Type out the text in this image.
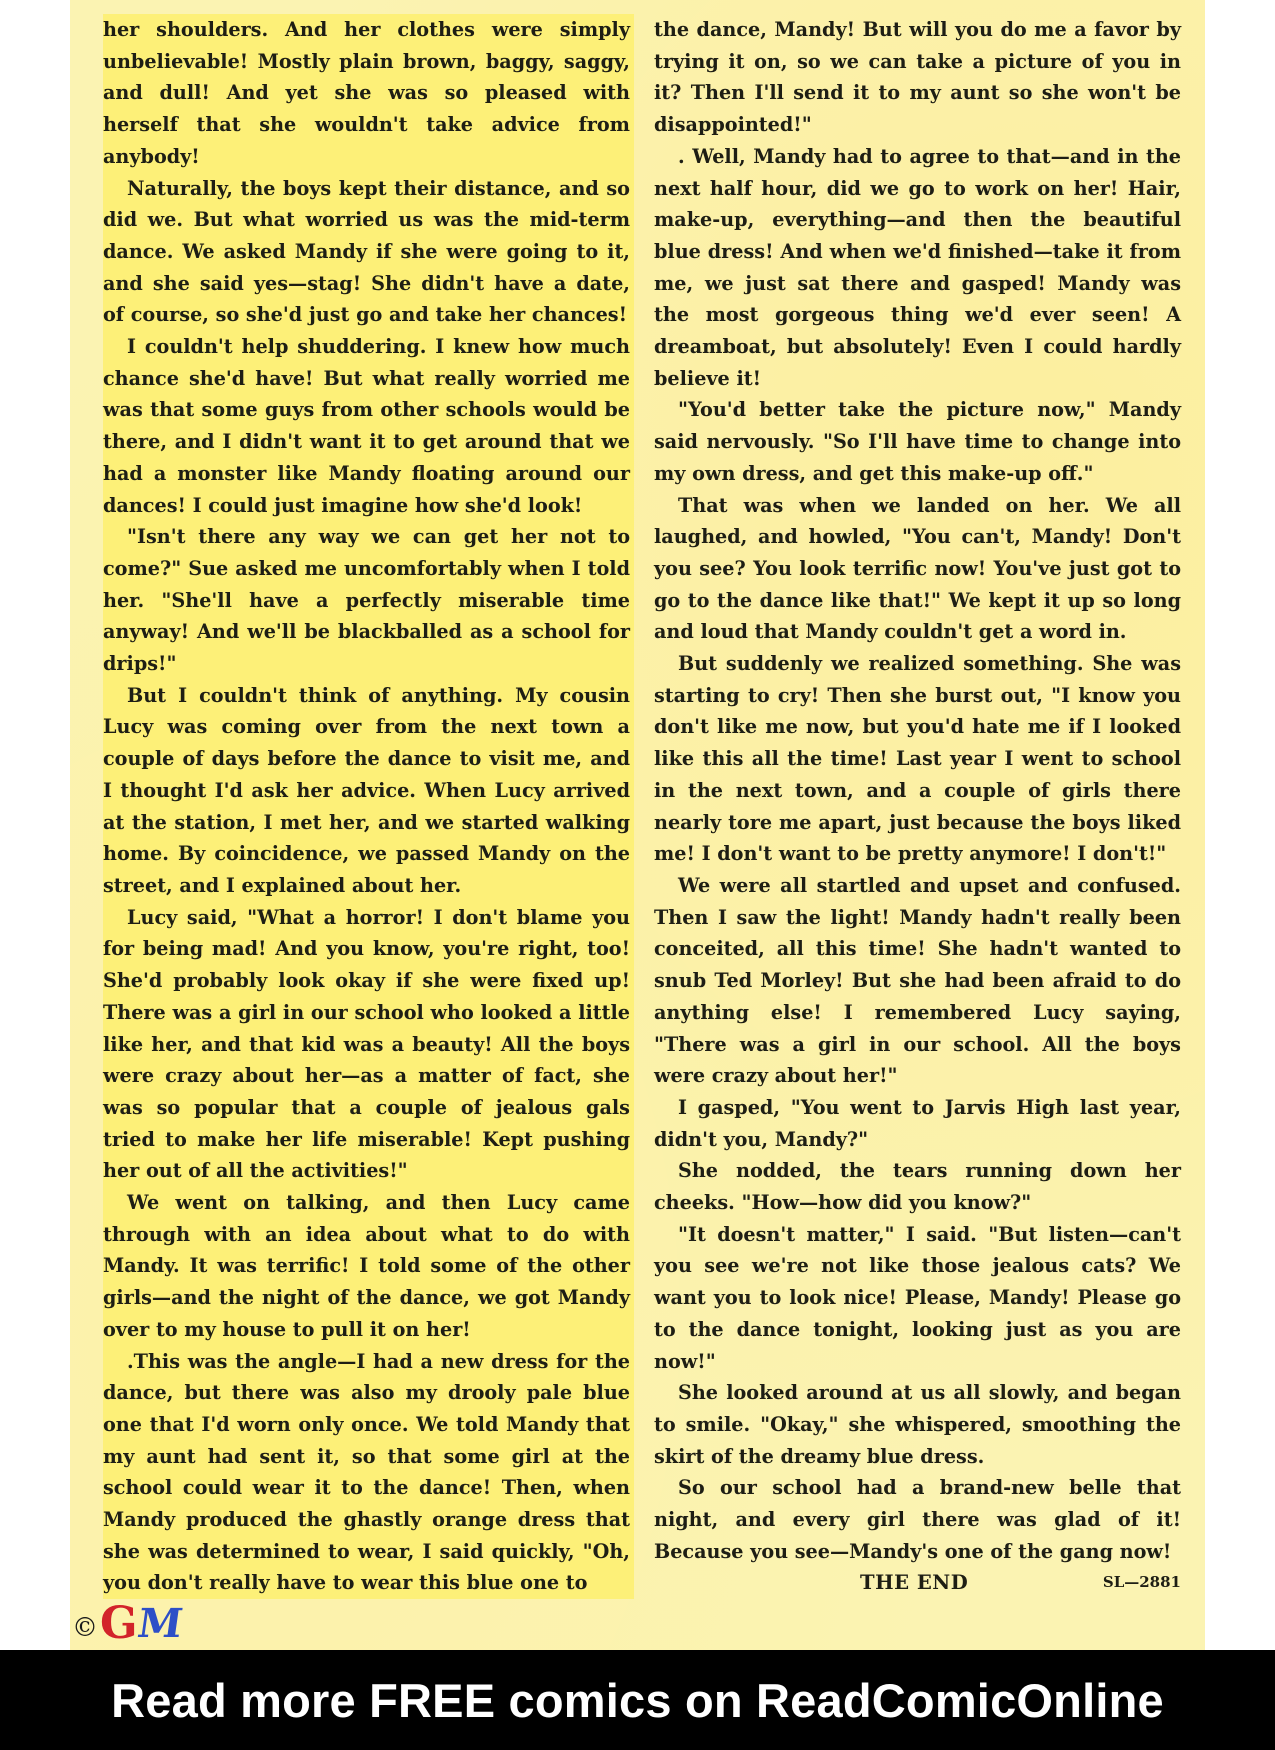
her shoulders. And her clothes were simply unbelievable! Mostly plain brown, baggy, saggy, and dull! And yet she was so pleased with herself that she wouldn't take advice from anybody!

Naturally, the boys kept their distance, and so did we. But what worried us was the mid-term dance. We asked Mandy if she were going to it, and she said yes—stag! She didn't have a date, of course, so she'd just go and take her chances!

I couldn't help shuddering. I knew how much chance she'd have! But what really worried me was that some guys from other schools would be there, and I didn't want it to get around that we had a monster like Mandy floating around our dances! I could just imagine how she'd look!

"Isn't there any way we can get her not to come?" Sue asked me uncomfortably when I told her. "She'll have a perfectly miserable time anyway! And we'll be blackballed as a school for drips!"

But I couldn't think of anything. My cousin Lucy was coming over from the next town a couple of days before the dance to visit me, and I thought I'd ask her advice. When Lucy arrived at the station, I met her, and we started walking home. By coincidence, we passed Mandy on the street, and I explained about her.

Lucy said, "What a horror! I don't blame you for being mad! And you know, you're right, too! She'd probably look okay if she were fixed up! There was a girl in our school who looked a little like her, and that kid was a beauty! All the boys were crazy about her—as a matter of fact, she was so popular that a couple of jealous gals tried to make her life miserable! Kept pushing her out of all the activities!"

We went on talking, and then Lucy came through with an idea about what to do with Mandy. It was terrific! I told some of the other girls—and the night of the dance, we got Mandy over to my house to pull it on her!

.This was the angle—I had a new dress for the dance, but there was also my drooly pale blue one that I'd worn only once. We told Mandy that my aunt had sent it, so that some girl at the school could wear it to the dance! Then, when Mandy produced the ghastly orange dress that she was determined to wear, I said quickly, "Oh, you don't really have to wear this blue one to

the dance, Mandy! But will you do me a favor by trying it on, so we can take a picture of you in it? Then I'll send it to my aunt so she won't be disappointed!"

. Well, Mandy had to agree to that—and in the next half hour, did we go to work on her! Hair, make-up, everything—and then the beautiful blue dress! And when we'd finished—take it from me, we just sat there and gasped! Mandy was the most gorgeous thing we'd ever seen! A dreamboat, but absolutely! Even I could hardly believe it!

"You'd better take the picture now," Mandy said nervously. "So I'll have time to change into my own dress, and get this make-up off."

That was when we landed on her. We all laughed, and howled, "You can't, Mandy! Don't you see? You look terrific now! You've just got to go to the dance like that!" We kept it up so long and loud that Mandy couldn't get a word in.

But suddenly we realized something. She was starting to cry! Then she burst out, "I know you don't like me now, but you'd hate me if I looked like this all the time! Last year I went to school in the next town, and a couple of girls there nearly tore me apart, just because the boys liked me! I don't want to be pretty anymore! I don't!"

We were all startled and upset and confused. Then I saw the light! Mandy hadn't really been conceited, all this time! She hadn't wanted to snub Ted Morley! But she had been afraid to do anything else! I remembered Lucy saying, "There was a girl in our school. All the boys were crazy about her!"

I gasped, "You went to Jarvis High last year, didn't you, Mandy?"

She nodded, the tears running down her cheeks. "How—how did you know?"

"It doesn't matter," I said. "But listen—can't you see we're not like those jealous cats? We want you to look nice! Please, Mandy! Please go to the dance tonight, looking just as you are now!"

She looked around at us all slowly, and began to smile. "Okay," she whispered, smoothing the skirt of the dreamy blue dress.

So our school had a brand-new belle that night, and every girl there was glad of it! Because you see—Mandy's one of the gang now!

THE END	SL—2881
© G
M
Read more FREE comics on ReadComicOnline
